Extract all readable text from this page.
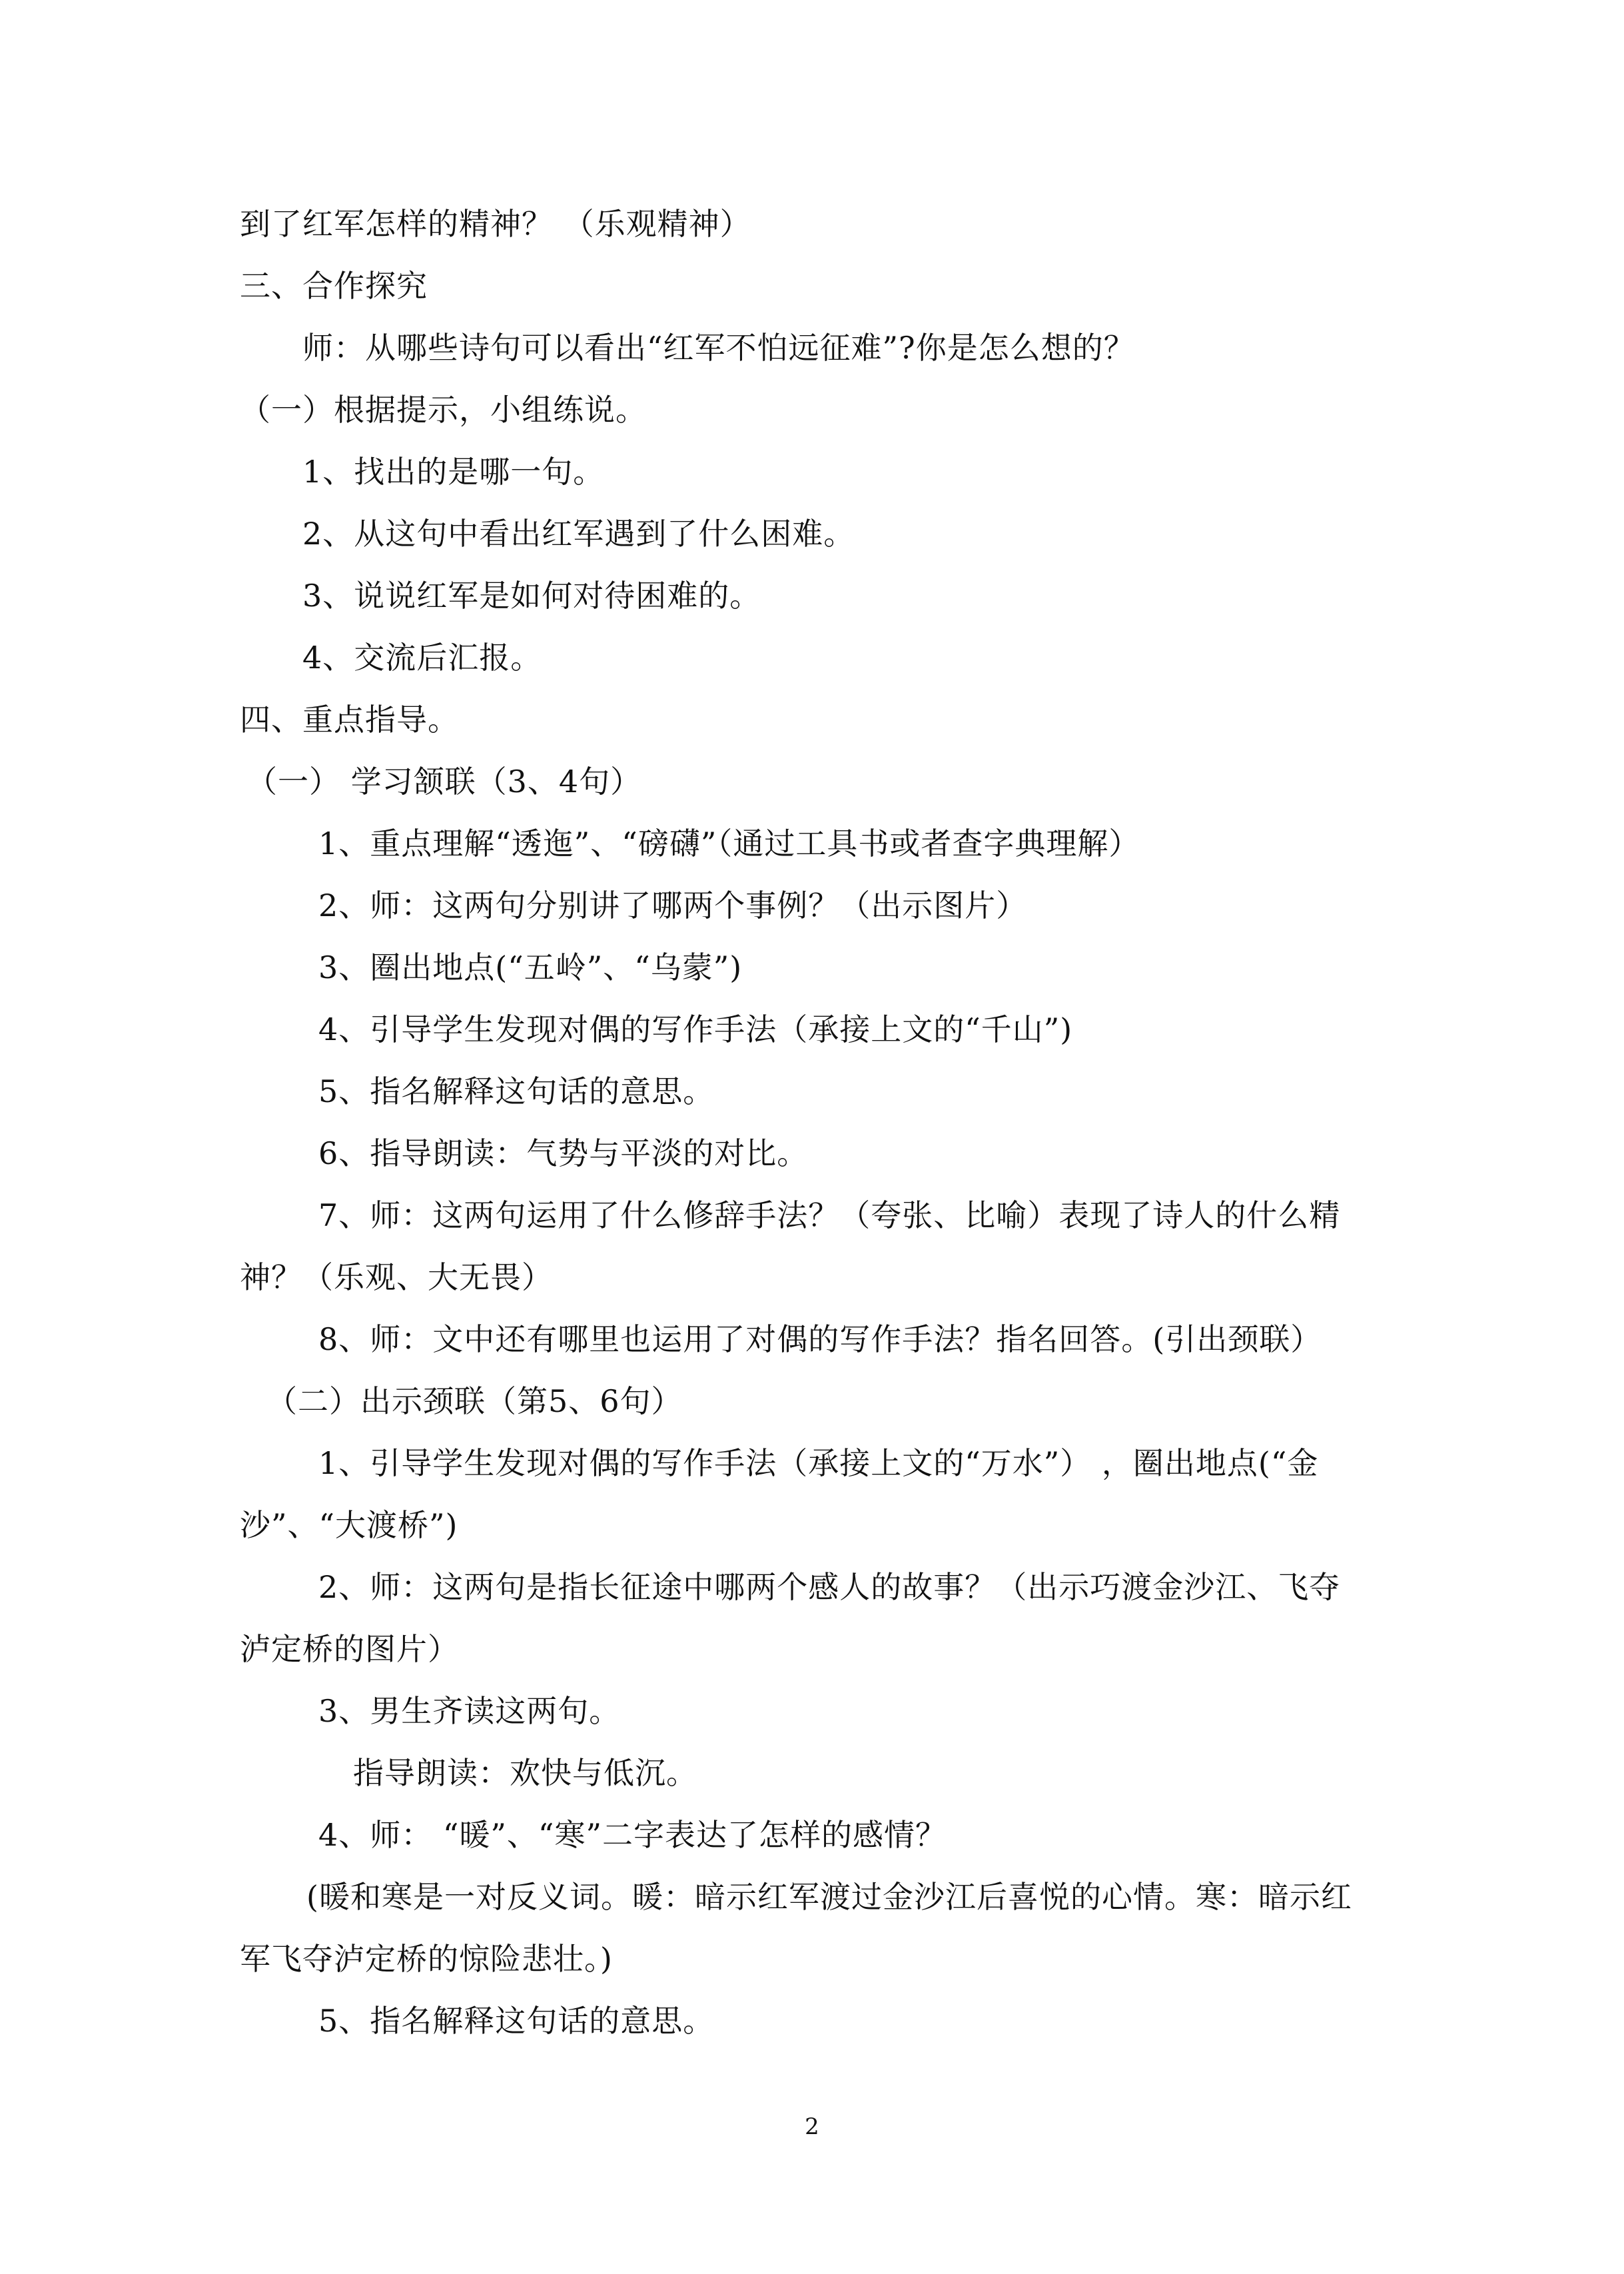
到了红军怎样的精神？ （乐观精神）
三、合作探究
师：从哪些诗句可以看出“红军不怕远征难”?你是怎么想的？
（一）根据提示，小组练说。
1、找出的是哪一句。
2、从这句中看出红军遇到了什么困难。
3、说说红军是如何对待困难的。
4、交流后汇报。
四、重点指导。
（一） 学习颔联（3、4句）
1、重点理解“透迤”、“磅礴”（通过工具书或者查字典理解）
2、师：这两句分别讲了哪两个事例？（出示图片）
3、圈出地点(“五岭”、“乌蒙”)
4、引导学生发现对偶的写作手法（承接上文的“千山”)
5、指名解释这句话的意思。
6、指导朗读：气势与平淡的对比。
7、师：这两句运用了什么修辞手法？（夸张、比喻）表现了诗人的什么精
神？（乐观、大无畏）
8、师：文中还有哪里也运用了对偶的写作手法？指名回答。(引出颈联）
（二）出示颈联（第5、6句）
1、引导学生发现对偶的写作手法（承接上文的“万水”） ，圈出地点(“金
沙”、“大渡桥”)
2、师：这两句是指长征途中哪两个感人的故事？（出示巧渡金沙江、飞夺
泸定桥的图片）
3、男生齐读这两句。
指导朗读：欢快与低沉。
4、师： “暖”、“寒”二字表达了怎样的感情？
(暖和寒是一对反义词。暖：暗示红军渡过金沙江后喜悦的心情。寒：暗示红
军飞夺泸定桥的惊险悲壮。)
5、指名解释这句话的意思。
2
